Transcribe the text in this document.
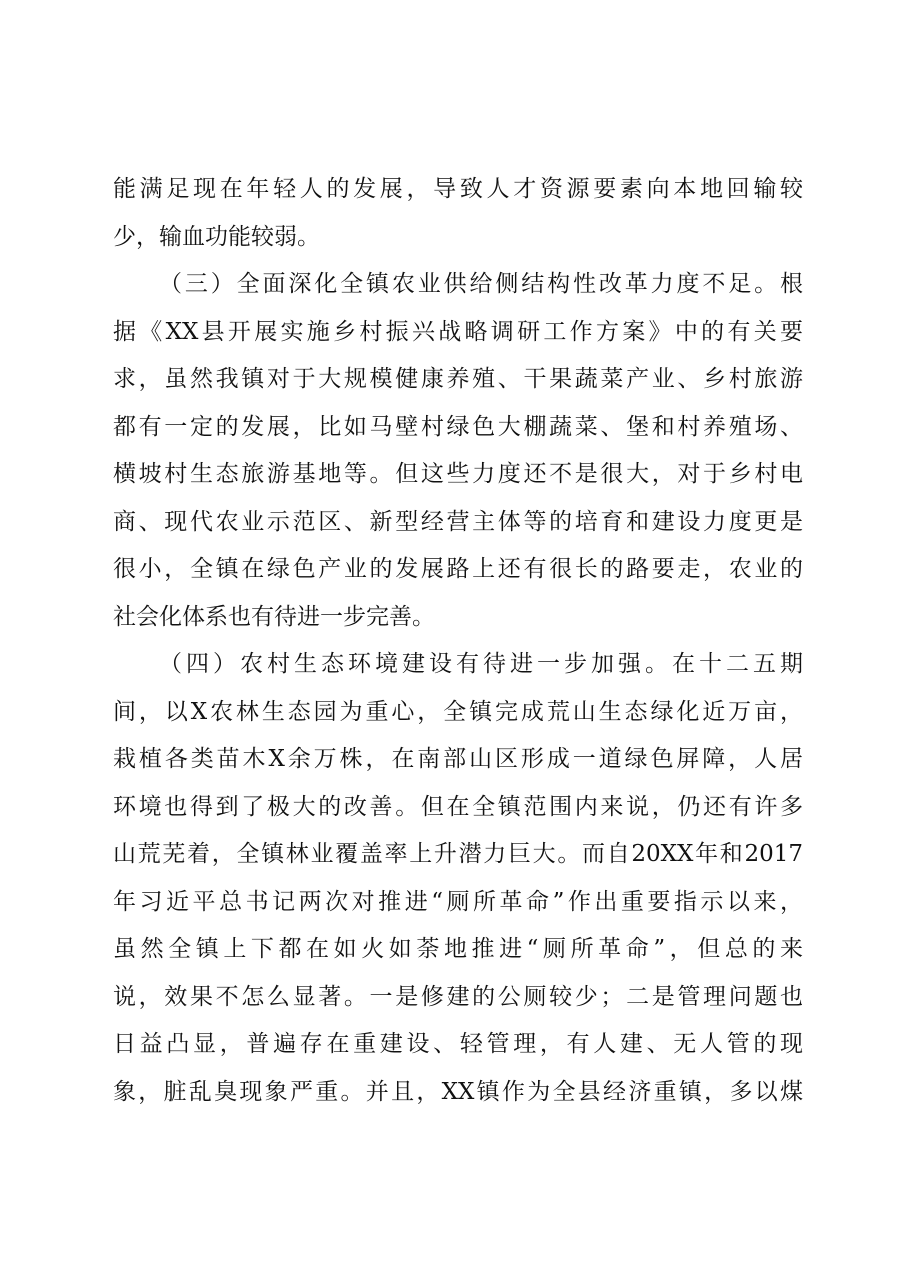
能满足现在年轻人的发展，导致人才资源要素向本地回输较
少，输血功能较弱。
（三）全面深化全镇农业供给侧结构性改革力度不足。根
据《XX县开展实施乡村振兴战略调研工作方案》中的有关要
求，虽然我镇对于大规模健康养殖、干果蔬菜产业、乡村旅游
都有一定的发展，比如马壁村绿色大棚蔬菜、堡和村养殖场、
横坡村生态旅游基地等。但这些力度还不是很大，对于乡村电
商、现代农业示范区、新型经营主体等的培育和建设力度更是
很小，全镇在绿色产业的发展路上还有很长的路要走，农业的
社会化体系也有待进一步完善。
（四）农村生态环境建设有待进一步加强。在十二五期
间，以X农林生态园为重心，全镇完成荒山生态绿化近万亩，
栽植各类苗木X余万株，在南部山区形成一道绿色屏障，人居
环境也得到了极大的改善。但在全镇范围内来说，仍还有许多
山荒芜着，全镇林业覆盖率上升潜力巨大。而自20XX年和2017
年习近平总书记两次对推进“厕所革命”作出重要指示以来，
虽然全镇上下都在如火如荼地推进“厕所革命”，但总的来
说，效果不怎么显著。一是修建的公厕较少；二是管理问题也
日益凸显，普遍存在重建设、轻管理，有人建、无人管的现
象，脏乱臭现象严重。并且，XX镇作为全县经济重镇，多以煤
